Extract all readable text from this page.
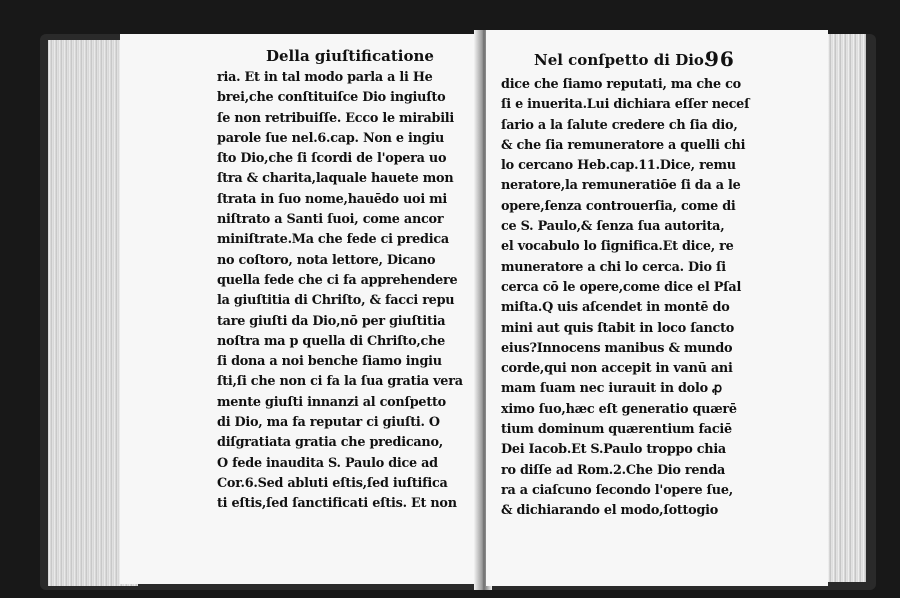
Della giuſtificatione
ria. Et in tal modo parla a li He
brei,che conſtituiſce Dio ingiuſto
ſe non retribuiſſe. Ecco le mirabili
parole ſue nel.6.cap. Non e ingiu
ſto Dio,che ſi ſcordi de l'opera uo
ſtra & charita,laquale hauete mon
ſtrata in ſuo nome,hauēdo uoi mi
niſtrato a Santi ſuoi, come ancor
miniſtrate.Ma che fede ci predica
no coſtoro, nota lettore, Dicano
quella fede che ci fa apprehendere
la giuſtitia di Chriſto, & facci repu
tare giuſti da Dio,nō per giuſtitia
noſtra ma p quella di Chriſto,che
ſi dona a noi benche ſiamo ingiu
ſti,ſi che non ci fa la ſua gratia vera
mente giuſti innanzi al conſpetto
di Dio, ma fa reputar ci giuſti. O
diſgratiata gratia che predicano,
O fede inaudita S. Paulo dice ad
Cor.6.Sed abluti eſtis,ſed iuſtifica
ti eſtis,ſed ſanctificati eſtis. Et non
Nel conſpetto di Dio.
96
dice che ſiamo reputati, ma che co
ſi e inuerita.Lui dichiara eſſer neceſ
ſario a la ſalute credere ch ſia dio,
& che ſia remuneratore a quelli chi
lo cercano Heb.cap.11.Dice, remu
neratore,la remuneratiōe ſi da a le
opere,ſenza controuerſia, come di
ce S. Paulo,& ſenza ſua autorita,
el vocabulo lo ſignifica.Et dice, re
muneratore a chi lo cerca. Dio ſi
cerca cō le opere,come dice el Pſal
miſta.Q uis aſcendet in montē do
mini aut quis ſtabit in loco ſancto
eius?Innocens manibus & mundo
corde,qui non accepit in vanū ani
mam ſuam nec iurauit in dolo ꝓ
ximo ſuo,hæc eſt generatio quærē
tium dominum quærentium faciē
Dei Iacob.Et S.Paulo troppo chia
ro diſſe ad Rom.2.Che Dio renda
ra a ciaſcuno ſecondo l'opere ſue,
& dichiarando el modo,ſottogio
